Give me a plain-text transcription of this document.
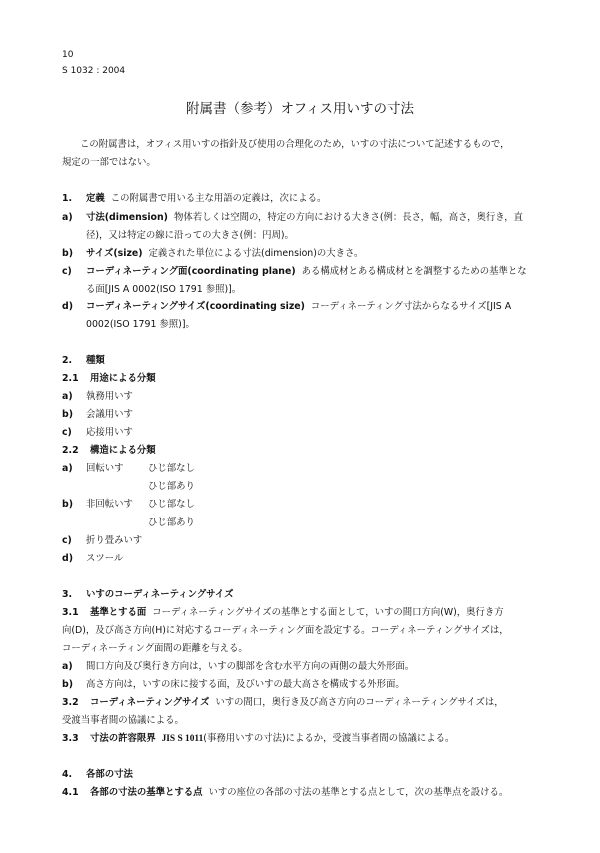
10
S 1032 : 2004
附属書（参考）オフィス用いすの寸法
この附属書は，オフィス用いすの指針及び使用の合理化のため，いすの寸法について記述するもので，
規定の一部ではない。
1. 定義 この附属書で用いる主な用語の定義は，次による。
a) 寸法(dimension) 物体若しくは空間の，特定の方向における大きさ(例：長さ，幅，高さ，奥行き，直
径)，又は特定の線に沿っての大きさ(例：円周)。
b) サイズ(size) 定義された単位による寸法(dimension)の大きさ。
c) コーディネーティング面(coordinating plane) ある構成材とある構成材とを調整するための基準とな
る面[JIS A 0002(ISO 1791 参照)]。
d) コーディネーティングサイズ(coordinating size) コーディネーティング寸法からなるサイズ[JIS A
0002(ISO 1791 参照)]。
2. 種類
2.1 用途による分類
a) 執務用いす
b) 会議用いす
c) 応接用いす
2.2 構造による分類
a) 回転いす	ひじ部なし
ひじ部あり
b) 非回転いす ひじ部なし
ひじ部あり
c) 折り畳みいす
d) スツール
3. いすのコーディネーティングサイズ
3.1 基準とする面 コーディネーティングサイズの基準とする面として，いすの間口方向(W)，奥行き方
向(D)，及び高さ方向(H)に対応するコーディネーティング面を設定する。コーディネーティングサイズは，
コーディネーティング面間の距離を与える。
a) 間口方向及び奥行き方向は，いすの脚部を含む水平方向の両側の最大外形面。
b) 高さ方向は，いすの床に接する面，及びいすの最大高さを構成する外形面。
3.2 コーディネーティングサイズ いすの間口，奥行き及び高さ方向のコーディネーティングサイズは，
受渡当事者間の協議による。
3.3 寸法の許容限界 JIS S 1011(事務用いすの寸法)によるか，受渡当事者間の協議による。
4. 各部の寸法
4.1 各部の寸法の基準とする点 いすの座位の各部の寸法の基準とする点として，次の基準点を設ける。
